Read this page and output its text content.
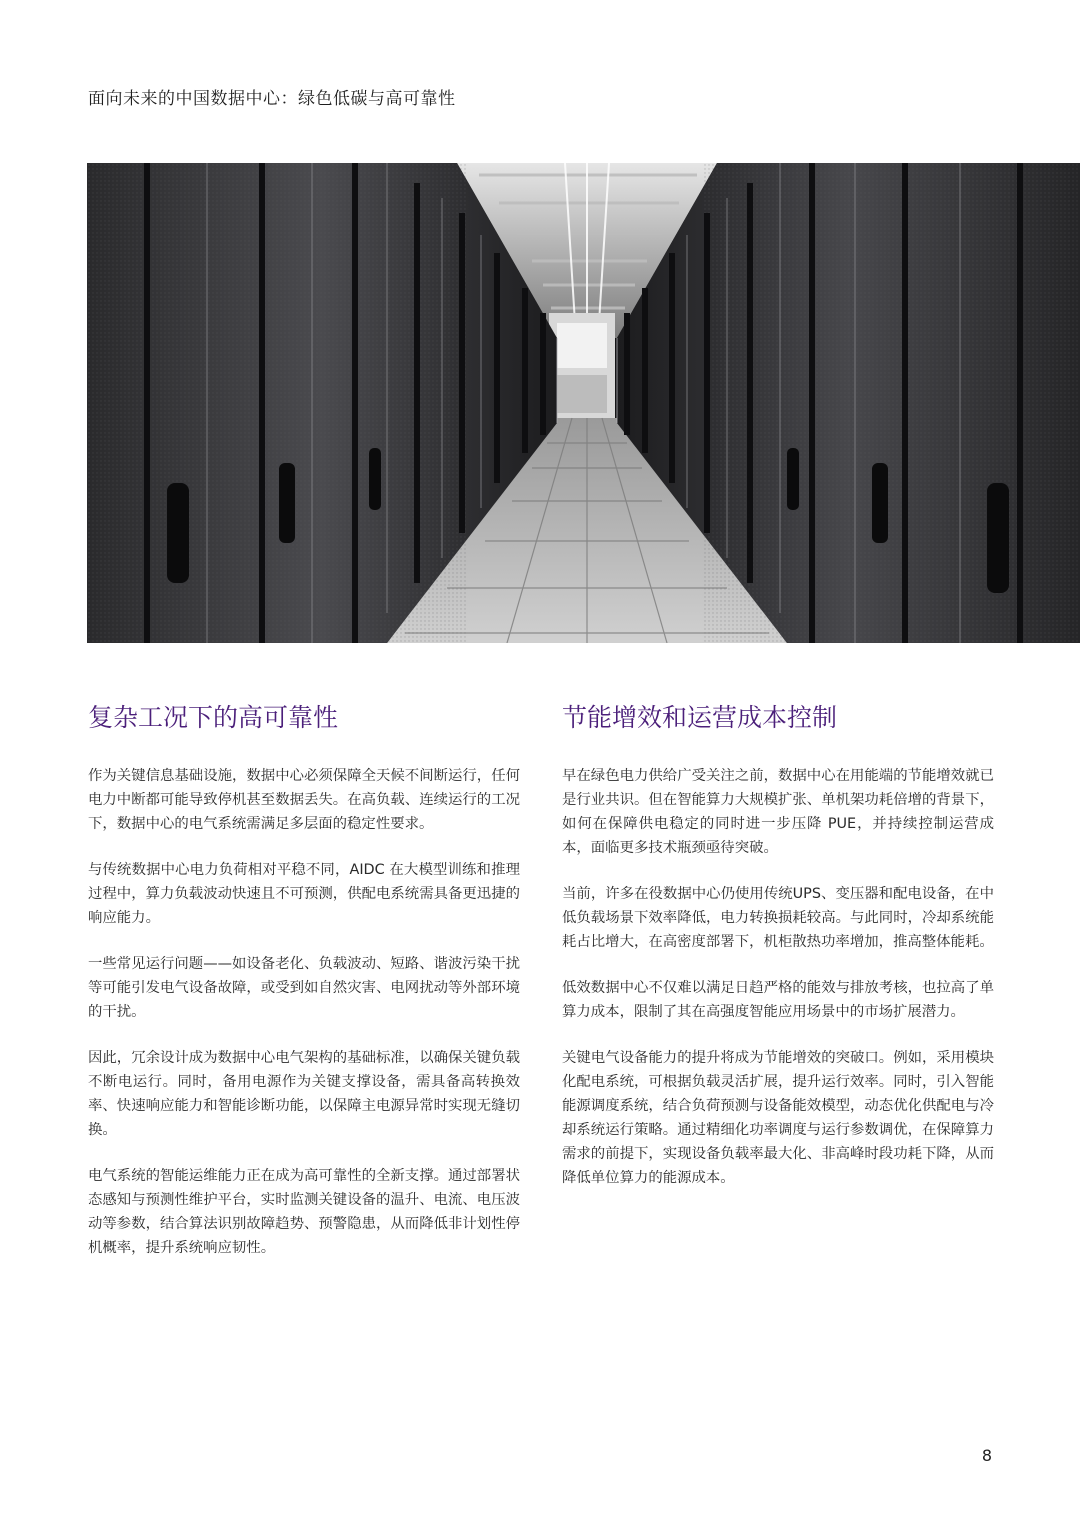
面向未来的中国数据中心：绿色低碳与高可靠性
复杂工况下的高可靠性

作为关键信息基础设施，数据中心必须保障全天候不间断运行，任何电力中断都可能导致停机甚至数据丢失。在高负载、连续运行的工况下，数据中心的电气系统需满足多层面的稳定性要求。

与传统数据中心电力负荷相对平稳不同，AIDC 在大模型训练和推理过程中，算力负载波动快速且不可预测，供配电系统需具备更迅捷的响应能力。

一些常见运行问题——如设备老化、负载波动、短路、谐波污染干扰等可能引发电气设备故障，或受到如自然灾害、电网扰动等外部环境的干扰。

因此，冗余设计成为数据中心电气架构的基础标准，以确保关键负载不断电运行。同时，备用电源作为关键支撑设备，需具备高转换效率、快速响应能力和智能诊断功能，以保障主电源异常时实现无缝切换。

电气系统的智能运维能力正在成为高可靠性的全新支撑。通过部署状态感知与预测性维护平台，实时监测关键设备的温升、电流、电压波动等参数，结合算法识别故障趋势、预警隐患，从而降低非计划性停机概率，提升系统响应韧性。

节能增效和运营成本控制

早在绿色电力供给广受关注之前，数据中心在用能端的节能增效就已是行业共识。但在智能算力大规模扩张、单机架功耗倍增的背景下，如何在保障供电稳定的同时进一步压降 PUE，并持续控制运营成本，面临更多技术瓶颈亟待突破。

当前，许多在役数据中心仍使用传统UPS、变压器和配电设备，在中低负载场景下效率降低，电力转换损耗较高。与此同时，冷却系统能耗占比增大，在高密度部署下，机柜散热功率增加，推高整体能耗。

低效数据中心不仅难以满足日趋严格的能效与排放考核，也拉高了单算力成本，限制了其在高强度智能应用场景中的市场扩展潜力。

关键电气设备能力的提升将成为节能增效的突破口。例如，采用模块化配电系统，可根据负载灵活扩展，提升运行效率。同时，引入智能能源调度系统，结合负荷预测与设备能效模型，动态优化供配电与冷却系统运行策略。通过精细化功率调度与运行参数调优，在保障算力需求的前提下，实现设备负载率最大化、非高峰时段功耗下降，从而降低单位算力的能源成本。

8
